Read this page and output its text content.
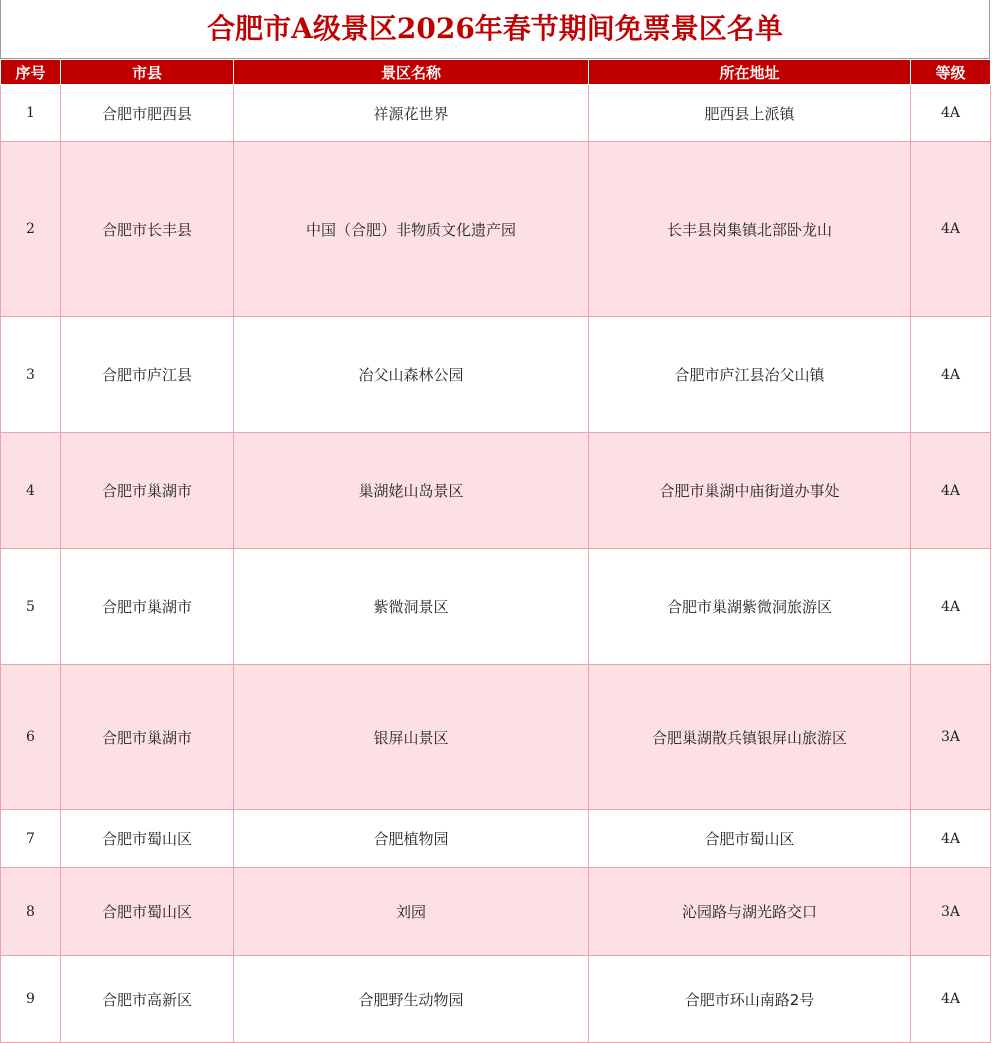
合肥市A级景区2026年春节期间免票景区名单
序号	市县	景区名称	所在地址	等级
1	合肥市肥西县	祥源花世界	肥西县上派镇	4A
2	合肥市长丰县	中国（合肥）非物质文化遗产园	长丰县岗集镇北部卧龙山	4A
3	合肥市庐江县	冶父山森林公园	合肥市庐江县冶父山镇	4A
4	合肥市巢湖市	巢湖姥山岛景区	合肥市巢湖中庙街道办事处	4A
5	合肥市巢湖市	紫微洞景区	合肥市巢湖紫微洞旅游区	4A
6	合肥市巢湖市	银屏山景区	合肥巢湖散兵镇银屏山旅游区	3A
7	合肥市蜀山区	合肥植物园	合肥市蜀山区	4A
8	合肥市蜀山区	刘园	沁园路与湖光路交口	3A
9	合肥市高新区	合肥野生动物园	合肥市环山南路2号	4A
